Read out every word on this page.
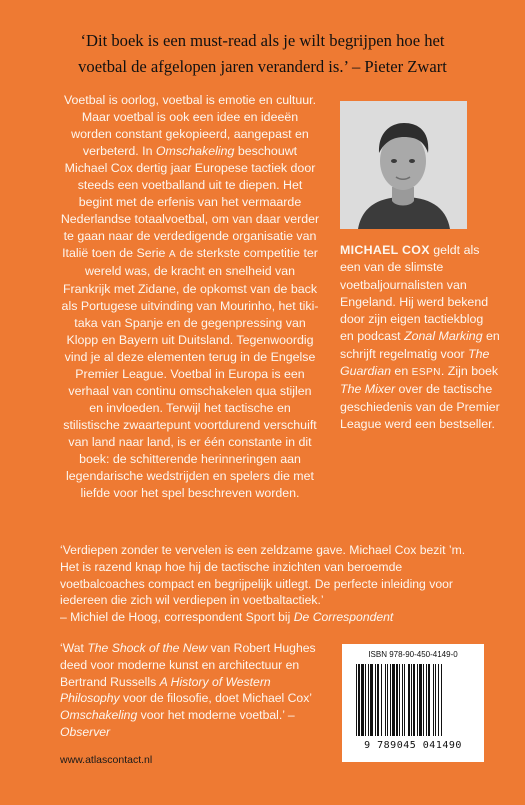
‘Dit boek is een must-read als je wilt begrijpen hoe het
voetbal de afgelopen jaren veranderd is.’ – Pieter Zwart
Voetbal is oorlog, voetbal is emotie en cultuur. Maar voetbal is ook een idee en ideeën worden constant gekopieerd, aangepast en verbeterd. In Omschakeling beschouwt Michael Cox dertig jaar Europese tactiek door steeds een voetballand uit te diepen. Het begint met de erfenis van het vermaarde Nederlandse totaalvoetbal, om van daar verder te gaan naar de verdedigende organisatie van Italië toen de Serie A de sterkste competitie ter wereld was, de kracht en snelheid van Frankrijk met Zidane, de opkomst van de back als Portugese uitvinding van Mourinho, het tiki-taka van Spanje en de gegenpressing van Klopp en Bayern uit Duitsland. Tegenwoordig vind je al deze elementen terug in de Engelse Premier League. Voetbal in Europa is een verhaal van continu omschakelen qua stijlen en invloeden. Terwijl het tactische en stilistische zwaartepunt voortdurend verschuift van land naar land, is er één constante in dit boek: de schitterende herinneringen aan legendarische wedstrijden en spelers die met liefde voor het spel beschreven worden.
MICHAEL COX geldt als een van de slimste voetbaljournalisten van Engeland. Hij werd bekend door zijn eigen tactiekblog en podcast Zonal Marking en schrijft regelmatig voor The Guardian en ESPN. Zijn boek The Mixer over de tactische geschiedenis van de Premier League werd een bestseller.
‘Verdiepen zonder te vervelen is een zeldzame gave. Michael Cox bezit ’m. Het is razend knap hoe hij de tactische inzichten van beroemde voetbalcoaches compact en begrijpelijk uitlegt. De perfecte inleiding voor iedereen die zich wil verdiepen in voetbaltactiek.’
– Michiel de Hoog, correspondent Sport bij De Correspondent
‘Wat The Shock of the New van Robert Hughes deed voor moderne kunst en architectuur en Bertrand Russells A History of Western Philosophy voor de filosofie, doet Michael Cox’ Omschakeling voor het moderne voetbal.’ – Observer
ISBN 978-90-450-4149-0
9 789045 041490
www.atlascontact.nl
